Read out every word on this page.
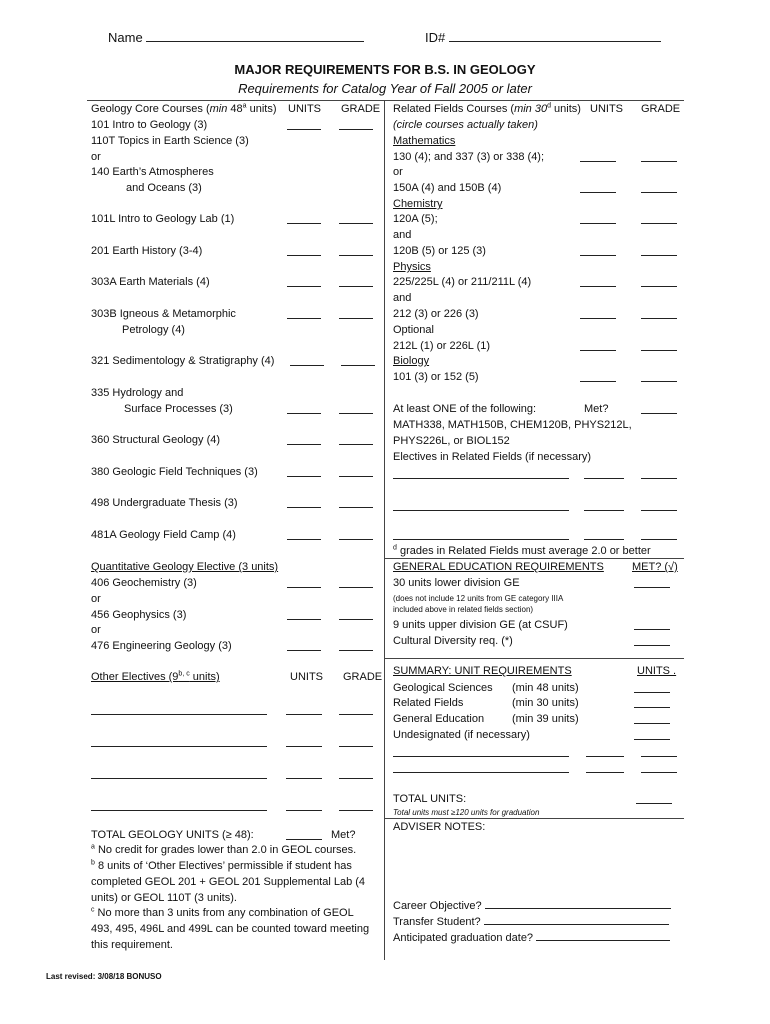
Name	ID#
MAJOR REQUIREMENTS FOR B.S. IN GEOLOGY
Requirements for Catalog Year of Fall 2005 or later
Geology Core Courses (min 48$^a$ units) UNITS GRADE
101 Intro to Geology (3)
110T Topics in Earth Science (3)
or
140 Earth’s Atmospheres
and Oceans (3)
101L Intro to Geology Lab (1)
201 Earth History (3-4)
303A Earth Materials (4)
303B Igneous & Metamorphic
Petrology (4)
321 Sedimentology & Stratigraphy (4)
335 Hydrology and
Surface Processes (3)
360 Structural Geology (4)
380 Geologic Field Techniques (3)
498 Undergraduate Thesis (3)
481A Geology Field Camp (4)
Quantitative Geology Elective (3 units)
406 Geochemistry (3)
or
456 Geophysics (3)
or
476 Engineering Geology (3)
Other Electives (9$^{b, c}$ units)	UNITS GRADE
TOTAL GEOLOGY UNITS (≥ 48):	Met?
$^a$ No credit for grades lower than 2.0 in GEOL courses.
$^b$ 8 units of ‘Other Electives’ permissible if student has completed GEOL 201 + GEOL 201 Supplemental Lab (4 units) or GEOL 110T (3 units).
$^c$ No more than 3 units from any combination of GEOL 493, 495, 496L and 499L can be counted toward meeting this requirement.
Last revised: 3/08/18 BONUSO
Related Fields Courses (min 30$^d$ units) UNITS GRADE
(circle courses actually taken)
Mathematics
130 (4); and 337 (3) or 338 (4);
or
150A (4) and 150B (4)
Chemistry
120A (5);
and
120B (5) or 125 (3)
Physics
225/225L (4) or 211/211L (4)
and
212 (3) or 226 (3)
Optional
212L (1) or 226L (1)
Biology
101 (3) or 152 (5)
At least ONE of the following:	Met?
MATH338, MATH150B, CHEM120B, PHYS212L,
PHYS226L, or BIOL152
Electives in Related Fields (if necessary)
$^d$ grades in Related Fields must average 2.0 or better
GENERAL EDUCATION REQUIREMENTS	MET? (√)
30 units lower division GE
(does not include 12 units from GE category IIIA
included above in related fields section)
9 units upper division GE (at CSUF)
Cultural Diversity req. (*)
SUMMARY: UNIT REQUIREMENTS	UNITS .
Geological Sciences (min 48 units)
Related Fields	(min 30 units)
General Education	(min 39 units)
Undesignated (if necessary)
TOTAL UNITS:
Total units must ≥120 units for graduation
ADVISER NOTES:
Career Objective?
Transfer Student?
Anticipated graduation date?
